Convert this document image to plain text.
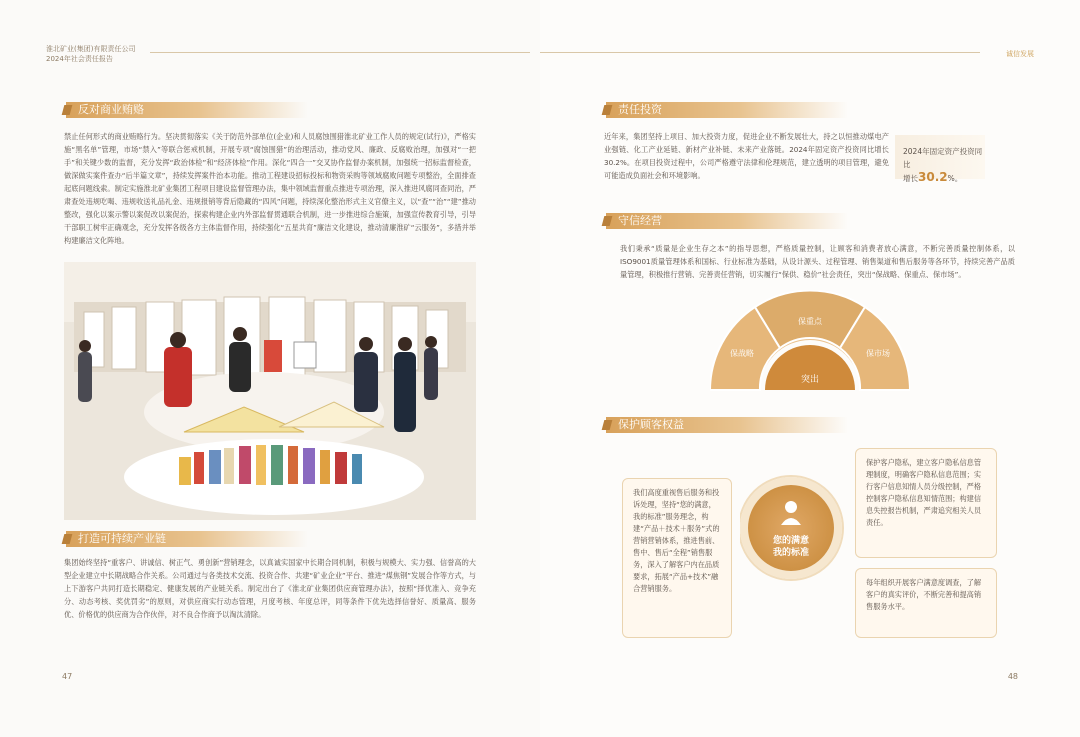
淮北矿业(集团)有限责任公司
2024年社会责任报告
反对商业贿赂
禁止任何形式的商业贿赂行为。坚决贯彻落实《关于防范外部单位(企业)和人员腐蚀围猎淮北矿业工作人员的规定(试行)》，严格实施“黑名单”管理，市场“禁入”等联合惩戒机制，开展专项“腐蚀围猎”的治理活动，推动党风、廉政、反腐败治理，加强对“一把手”和关键少数的监督，充分发挥“政治体检”和“经济体检”作用。深化“四合一”交叉协作监督办案机制，加强统一招标监督检查，做深做实案件查办“后半篇文章”，持续发挥案件治本功能。推动工程建设招标投标和物资采购等领域腐败问题专项整治，全面排查起底问题线索。制定实施淮北矿业集团工程项目建设监督管理办法，集中领域监督重点推进专项治理，深入推进风腐同查同治，严肃查处违规吃喝、违规收送礼品礼金、违规报销等背后隐藏的“四风”问题，持续深化整治形式主义官僚主义，以“查”“治”“建”推动整改，强化以案示警以案促改以案促治，探索构建企业内外部监督贯通联合机制，进一步推进综合施策，加强宣传教育引导，引导干部职工树牢正确观念，充分发挥各级各方主体监督作用，持续强化“五星共育”廉洁文化建设，推动清廉淮矿“云服务”，多措并举构建廉洁文化阵地。
打造可持续产业链
集团始终坚持“重客户、讲诚信、树正气、勇创新”营销理念，以真诚实国家中长期合同机制，积极与规模大、实力强、信誉高的大型企业建立中长期战略合作关系。公司通过与各类技术交流、投资合作、共建“矿业企业”平台、推进“煤焦钢”发展合作等方式，与上下游客户共同打造长期稳定、健康发展的产业链关系。制定出台了《淮北矿业集团供应商管理办法》，按照“择优准入、竞争充分、动态考核、奖优罚劣”的原则，对供应商实行动态管理，月度考核、年度总评，同等条件下优先选择信誉好、质量高、服务优、价格优的供应商为合作伙伴，对不良合作商予以淘汰清除。
47
诚信发展
责任投资
近年来，集团坚持上项目、加大投资力度，促进企业不断发展壮大，持之以恒推动煤电产业强链、化工产业延链、新材产业补链、未来产业落链。2024年固定资产投资同比增长30.2%。在项目投资过程中，公司严格遵守法律和伦理规范，建立透明的项目管理，避免可能造成负面社会和环境影响。
2024年固定资产投资同比
增长30.2%。
守信经营
我们秉承“质量是企业生存之本”的指导思想，严格质量控制，让顾客和消费者放心满意，不断完善质量控制体系，以ISO9001质量管理体系和国标、行业标准为基础，从设计源头、过程管理、销售渠道和售后服务等各环节，持续完善产品质量管理，积极推行营销、完善责任营销，切实履行“保供、稳价”社会责任，突出“保战略、保重点、保市场”。
保战略
保重点
保市场
突出
保护顾客权益
我们高度重视售后服务和投诉处理，坚持“您的满意，我的标准”服务理念，构建“产品＋技术＋服务”式的营销营销体系，推进售前、售中、售后“全程”销售服务，深入了解客户内在品质要求，拓展“产品+技术”融合营销服务。
保护客户隐私，建立客户隐私信息管理制度，明确客户隐私信息范围；实行客户信息知情人员分级控制，严格控制客户隐私信息知情范围；构建信息失控报告机制，严肃追究相关人员责任。
每年组织开展客户满意度调查，了解客户的真实评价，不断完善和提高销售服务水平。
您的满意
我的标准
48
